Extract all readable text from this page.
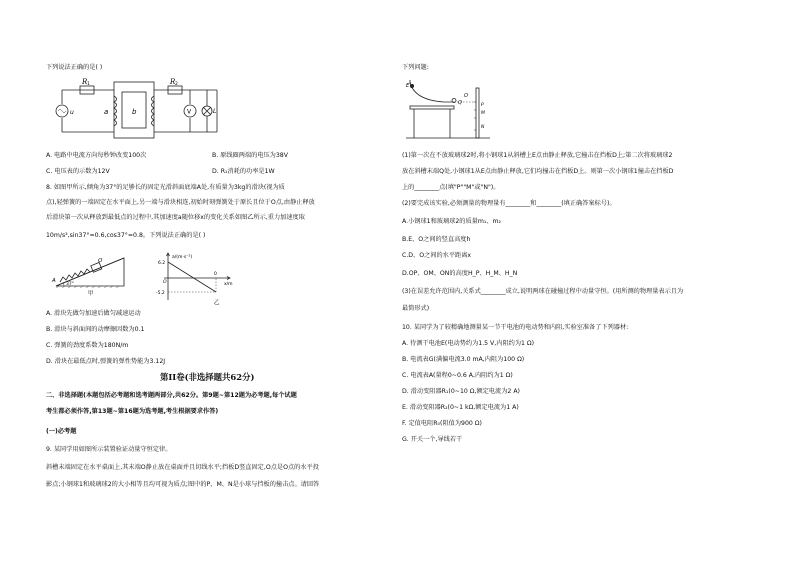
下列说法正确的是( )
R 1	R 2
u	a	b	V	L
A. 电路中电流方向每秒钟改变100次	B. 原线圈两端的电压为38V
C. 电压表的示数为12V	D. R₁消耗的功率是1W
8. 如图甲所示,倾角为37°的足够长的固定光滑斜面底端A处,有质量为3kg的滑块(视为质
点),轻弹簧的一端固定在水平面上,另一端与滑块相连,初始时刻弹簧处于原长且位于O点,由静止释放
后滑块第一次从释放到最低点的过程中,其加速度a随位移x的变化关系如图乙所示,重力加速度取
10m/s²,sin37°=0.6,cos37°=0.8。下列说法正确的是( )
37°
O
A
甲
a/(m·s⁻²)
x/m
6.2
-5.2
O
0
乙
A. 滑块先做匀加速后做匀减速运动
B. 滑块与斜面间的动摩擦因数为0.1
C. 弹簧的劲度系数为180N/m
D. 滑块在最低点时,弹簧的弹性势能为3.12J
第II卷(非选择题共62分)
二、非选择题(本题包括必考题和选考题两部分,共62分。第9题~第12题为必考题,每个试题
考生都必须作答,第13题~第16题为选考题,考生根据要求作答)
(一)必考题
9. 某同学用如图所示装置验证动量守恒定律。
斜槽末端固定在水平桌面上,其末端O静止放在桌面并且切线水平;挡板D竖直固定,O点是O点的水平投
影点;小钢球1和玻璃球2的大小相等且均可视为质点;图中的P、M、N是小球与挡板的撞击点。请回答
下列问题:
E
O
Q	P
M
N
(1)第一次在不放玻璃球2时,将小钢球1从斜槽上E点由静止释放,它撞击在挡板D上;第二次将玻璃球2
放在斜槽末端Q处,小钢球1从E点由静止释放,它们均撞击在挡板D上。则第一次小钢球1撞击在挡板D
上的________点(填"P""M"或"N")。
(2)要完成该实验,必须测量的物理量有________和________(填正确答案标号)。
A.小钢球1和玻璃球2的质量m₁、m₂
B.E、O之间的竖直高度h
C.D、O之间的水平距离x
D.OP、OM、ON的高度H_P、H_M、H_N
(3)在误差允许范围内,关系式________成立,说明两球在碰撞过程中动量守恒。(用所测的物理量表示且为
最简形式)
10. 某同学为了较精确地测量某一节干电池的电动势和内阻,实验室准备了下列器材:
A. 待测干电池E(电动势约为1.5 V,内阻约为1 Ω)
B. 电流表G(满偏电流3.0 mA,内阻为100 Ω)
C. 电流表A(量程0~0.6 A,内阻约为1 Ω)
D. 滑动变阻器R₁(0~10 Ω,额定电流为2 A)
E. 滑动变阻器R₂(0~1 kΩ,额定电流为1 A)
F. 定值电阻R₀(阻值为900 Ω)
G. 开关一个,导线若干
